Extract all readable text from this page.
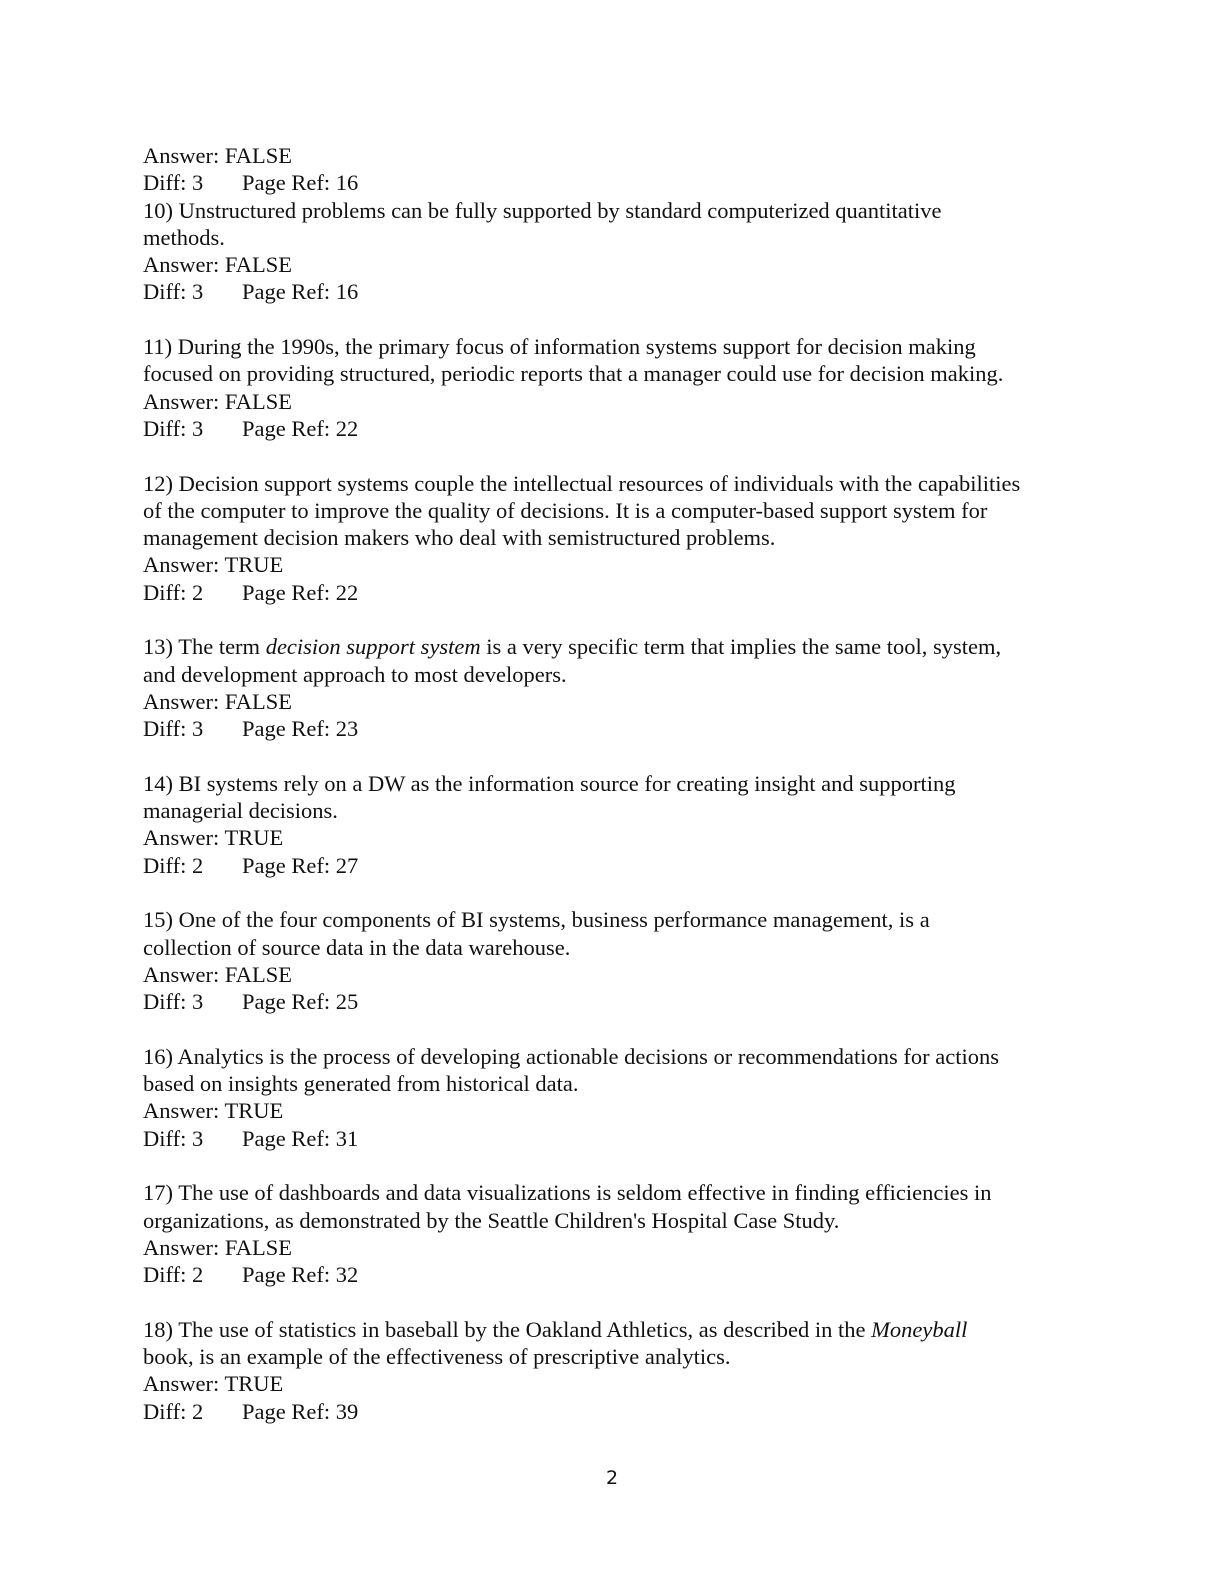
Answer: FALSE
Diff: 3 Page Ref: 16
10) Unstructured problems can be fully supported by standard computerized quantitative
methods.
Answer: FALSE
Diff: 3 Page Ref: 16
11) During the 1990s, the primary focus of information systems support for decision making
focused on providing structured, periodic reports that a manager could use for decision making.
Answer: FALSE
Diff: 3 Page Ref: 22
12) Decision support systems couple the intellectual resources of individuals with the capabilities
of the computer to improve the quality of decisions. It is a computer-based support system for
management decision makers who deal with semistructured problems.
Answer: TRUE
Diff: 2 Page Ref: 22
13) The term decision support system is a very specific term that implies the same tool, system,
and development approach to most developers.
Answer: FALSE
Diff: 3 Page Ref: 23
14) BI systems rely on a DW as the information source for creating insight and supporting
managerial decisions.
Answer: TRUE
Diff: 2 Page Ref: 27
15) One of the four components of BI systems, business performance management, is a
collection of source data in the data warehouse.
Answer: FALSE
Diff: 3 Page Ref: 25
16) Analytics is the process of developing actionable decisions or recommendations for actions
based on insights generated from historical data.
Answer: TRUE
Diff: 3 Page Ref: 31
17) The use of dashboards and data visualizations is seldom effective in finding efficiencies in
organizations, as demonstrated by the Seattle Children's Hospital Case Study.
Answer: FALSE
Diff: 2 Page Ref: 32
18) The use of statistics in baseball by the Oakland Athletics, as described in the Moneyball
book, is an example of the effectiveness of prescriptive analytics.
Answer: TRUE
Diff: 2 Page Ref: 39
2
